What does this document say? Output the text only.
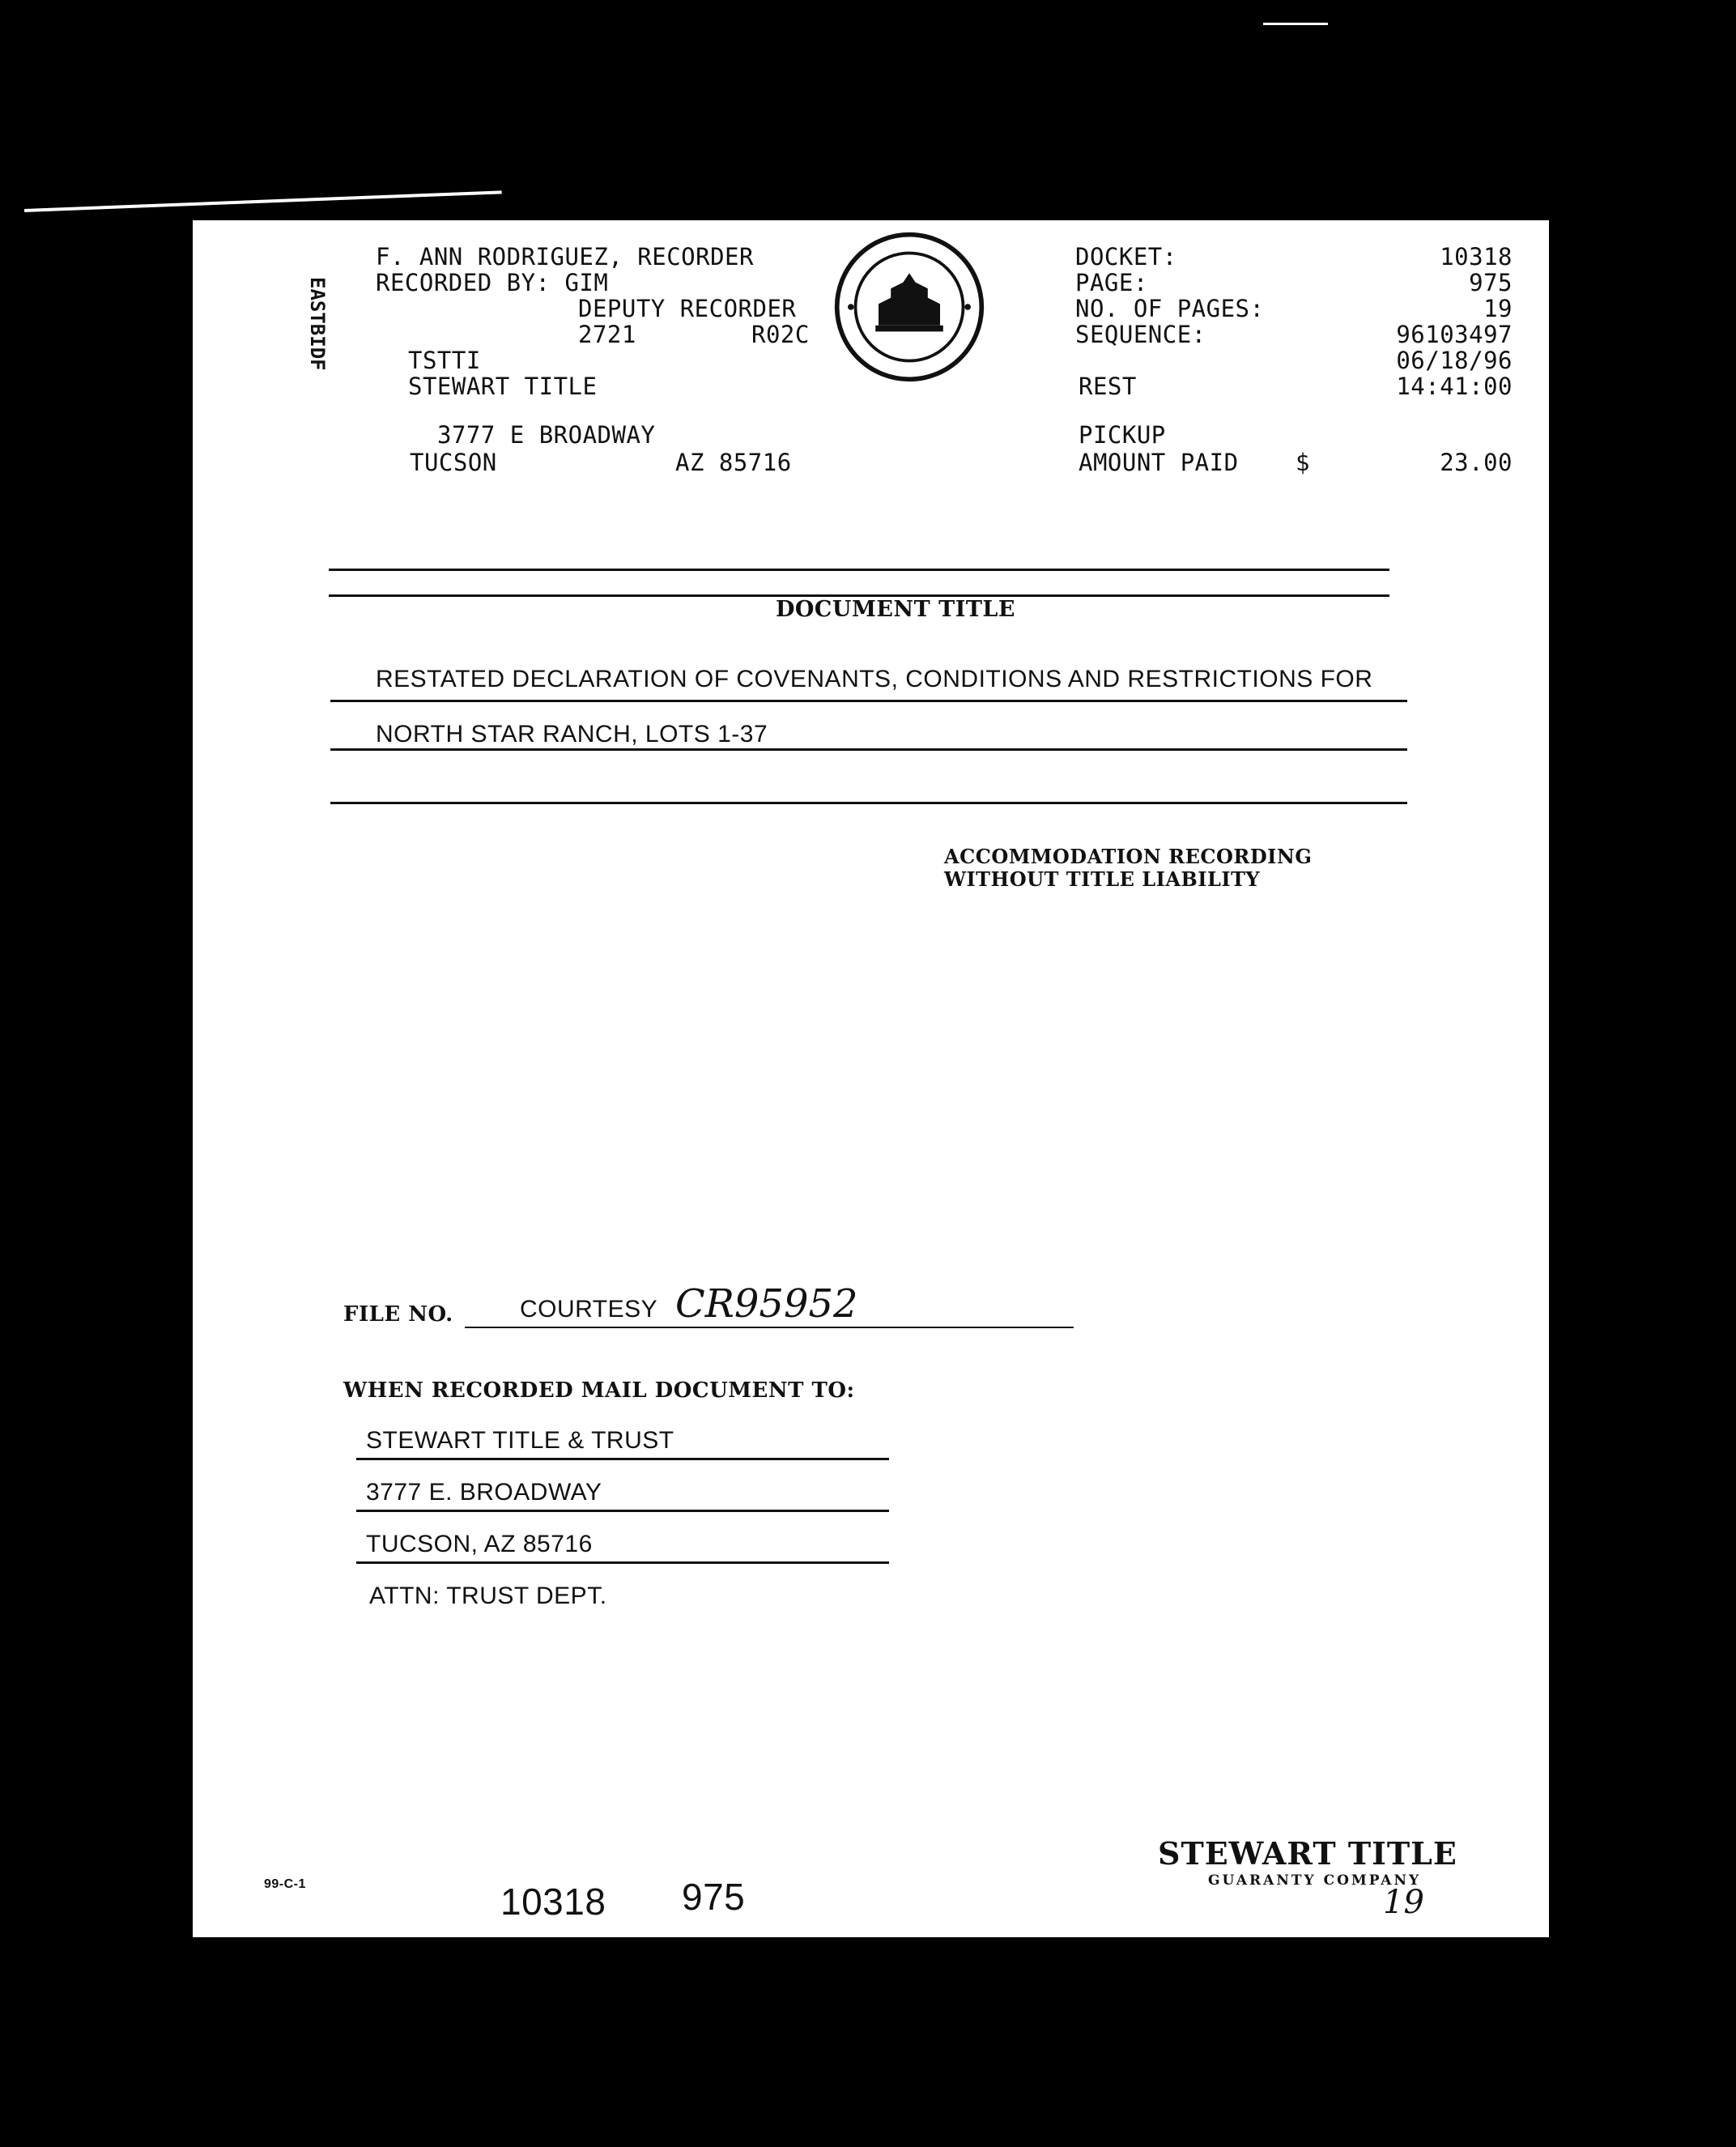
EASTBIDF
F. ANN RODRIGUEZ, RECORDER
RECORDED BY: GIM
DEPUTY RECORDER
2721	R02C
TSTTI
STEWART TITLE
3777 E BROADWAY
TUCSON	AZ 85716
DOCKET:	10318
PAGE:	975
NO. OF PAGES:	19
SEQUENCE:	96103497
06/18/96
REST	14:41:00
PICKUP
AMOUNT PAID $	23.00
DOCUMENT TITLE
RESTATED DECLARATION OF COVENANTS, CONDITIONS AND RESTRICTIONS FOR
NORTH STAR RANCH, LOTS 1-37
ACCOMMODATION RECORDING
WITHOUT TITLE LIABILITY
FILE NO.	COURTESY CR95952
WHEN RECORDED MAIL DOCUMENT TO:
STEWART TITLE & TRUST
3777 E. BROADWAY
TUCSON, AZ 85716
ATTN: TRUST DEPT.
99-C-1	10318 975
STEWART TITLE
GUARANTY COMPANY
19
